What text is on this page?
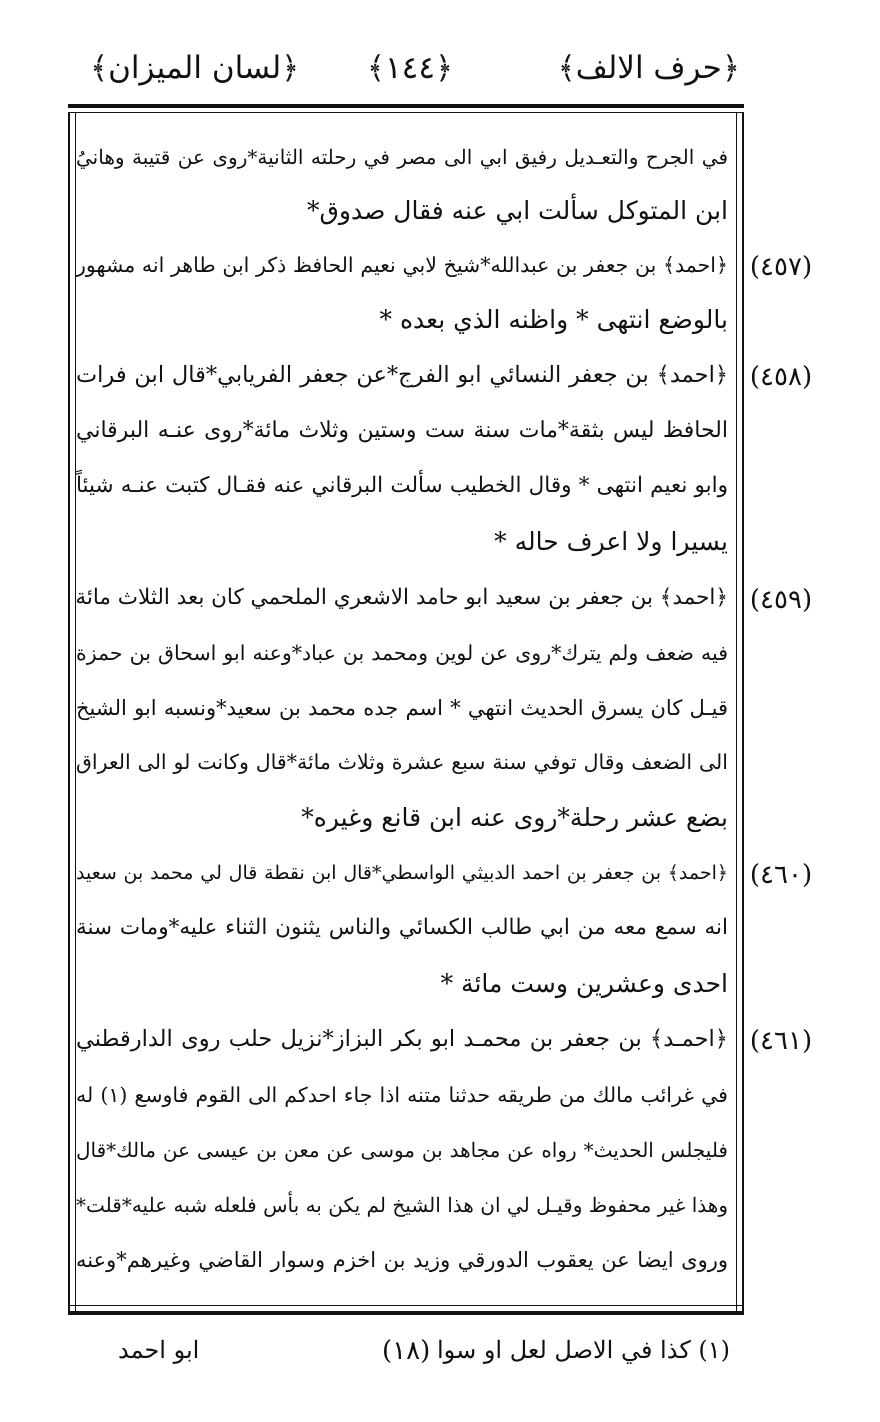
﴿حرف الالف﴾
﴿١٤٤﴾
﴿لسان الميزان﴾
في الجرح والتعـديل رفيق ابي الى مصر في رحلته الثانية*روى عن قتيبة وهانيُ
ابن المتوكل سألت ابي عنه فقال صدوق*
(٤٥٧)
﴿احمد﴾ بن جعفر بن عبدالله*شيخ لابي نعيم الحافظ ذكر ابن طاهر انه مشهور
بالوضع انتهى * واظنه الذي بعده *
(٤٥٨)
﴿احمد﴾ بن جعفر النسائي ابو الفرج*عن جعفر الفريابي*قال ابن فرات
الحافظ ليس بثقة*مات سنة ست وستين وثلاث مائة*روى عنـه البرقاني
وابو نعيم انتهى * وقال الخطيب سألت البرقاني عنه فقـال كتبت عنـه شيئاً
يسيرا ولا اعرف حاله *
(٤٥٩)
﴿احمد﴾ بن جعفر بن سعيد ابو حامد الاشعري الملحمي كان بعد الثلاث مائة
فيه ضعف ولم يترك*روى عن لوين ومحمد بن عباد*وعنه ابو اسحاق بن حمزة
قيـل كان يسرق الحديث انتهي * اسم جده محمد بن سعيد*ونسبه ابو الشيخ
الى الضعف وقال توفي سنة سبع عشرة وثلاث مائة*قال وكانت لو الى العراق
بضع عشر رحلة*روى عنه ابن قانع وغيره*
(٤٦٠)
﴿احمد﴾ بن جعفر بن احمد الدبيثي الواسطي*قال ابن نقطة قال لي محمد بن سعيد
انه سمع معه من ابي طالب الكسائي والناس يثنون الثناء عليه*ومات سنة
احدى وعشرين وست مائة *
(٤٦١)
﴿احمـد﴾ بن جعفر بن محمـد ابو بكر البزاز*نزيل حلب روى الدارقطني
في غرائب مالك من طريقه حدثنا متنه اذا جاء احدكم الى القوم فاوسع (١) له
فليجلس الحديث* رواه عن مجاهد بن موسى عن معن بن عيسى عن مالك*قال
وهذا غير محفوظ وقيـل لي ان هذا الشيخ لم يكن به بأس فلعله شبه عليه*قلت*
وروى ايضا عن يعقوب الدورقي وزيد بن اخزم وسوار القاضي وغيرهم*وعنه
(١) كذا في الاصل لعل او سوا
(١٨)
ابو احمد
